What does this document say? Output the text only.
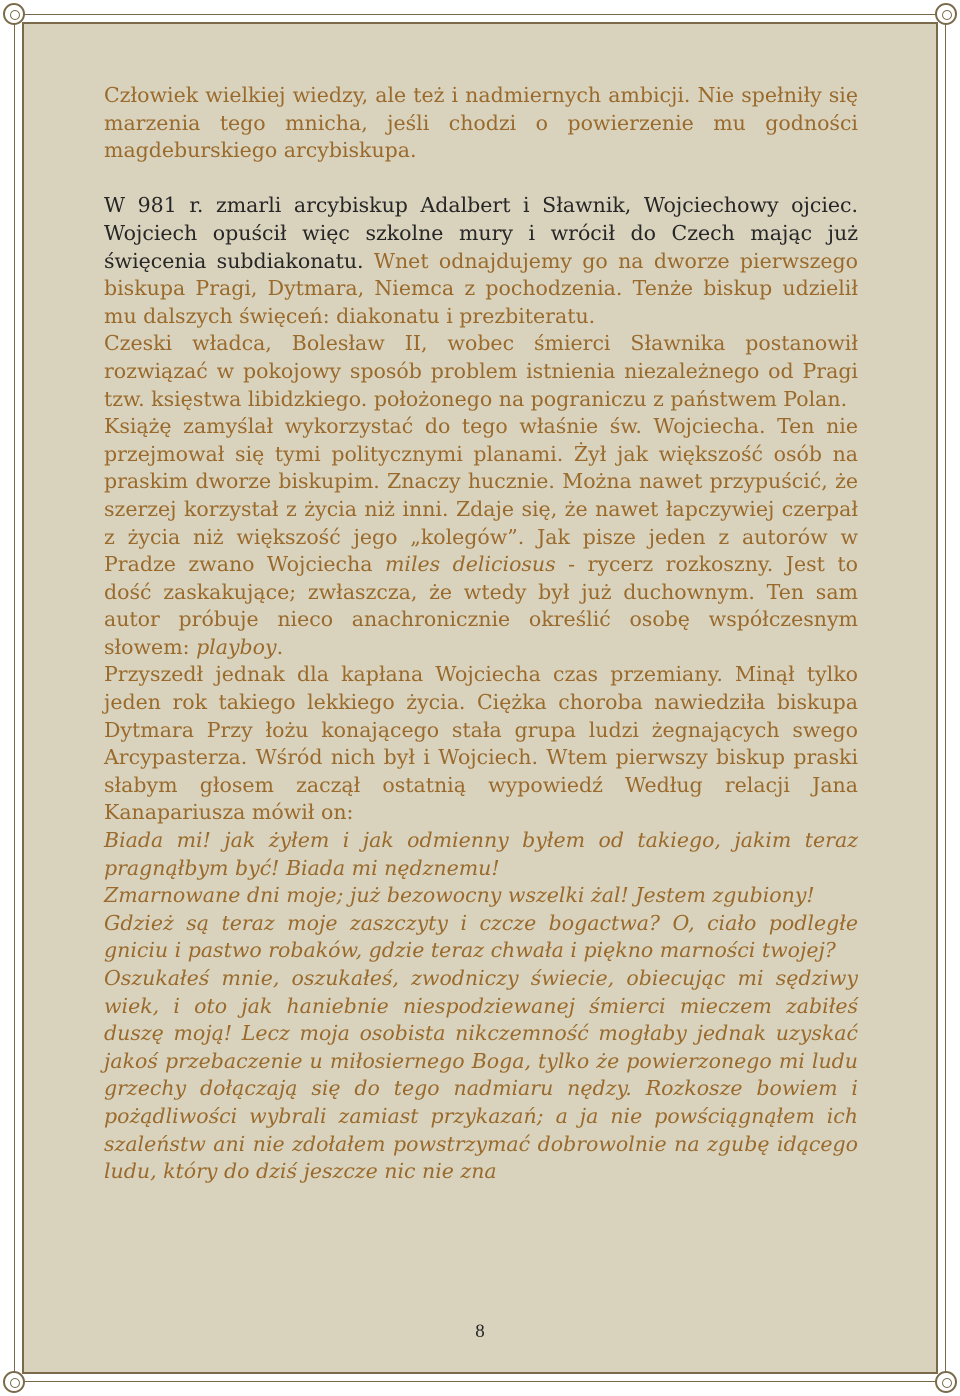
Człowiek wielkiej wiedzy, ale też i nadmiernych ambicji. Nie spełniły się marzenia tego mnicha, jeśli chodzi o powierzenie mu godności magdeburskiego arcybiskupa.

W 981 r. zmarli arcybiskup Adalbert i Sławnik, Wojciechowy ojciec. Wojciech opuścił więc szkolne mury i wrócił do Czech mając już święcenia subdiakonatu. Wnet odnajdujemy go na dworze pierwszego biskupa Pragi, Dytmara, Niemca z pochodzenia. Tenże biskup udzielił mu dalszych święceń: diakonatu i prezbiteratu.

Czeski władca, Bolesław II, wobec śmierci Sławnika postanowił rozwiązać w pokojowy sposób problem istnienia niezależnego od Pragi tzw. księstwa libidzkiego. położonego na pograniczu z państwem Polan.

Książę zamyślał wykorzystać do tego właśnie św. Wojciecha. Ten nie przejmował się tymi politycznymi planami. Żył jak większość osób na praskim dworze biskupim. Znaczy hucznie. Można nawet przypuścić, że szerzej korzystał z życia niż inni. Zdaje się, że nawet łapczywiej czerpał z życia niż większość jego „kolegów”. Jak pisze jeden z autorów w Pradze zwano Wojciecha miles deliciosus - rycerz rozkoszny. Jest to dość zaskakujące; zwłaszcza, że wtedy był już duchownym. Ten sam autor próbuje nieco anachronicznie określić osobę współczesnym słowem: playboy.

Przyszedł jednak dla kapłana Wojciecha czas przemiany. Minął tylko jeden rok takiego lekkiego życia. Ciężka choroba nawiedziła biskupa Dytmara Przy łożu konającego stała grupa ludzi żegnających swego Arcypasterza. Wśród nich był i Wojciech. Wtem pierwszy biskup praski słabym głosem zaczął ostatnią wypowiedź Według relacji Jana Kanapariusza mówił on:

Biada mi! jak żyłem i jak odmienny byłem od takiego, jakim teraz pragnąłbym być! Biada mi nędznemu!

Zmarnowane dni moje; już bezowocny wszelki żal! Jestem zgubiony!

Gdzież są teraz moje zaszczyty i czcze bogactwa? O, ciało podległe gniciu i pastwo robaków, gdzie teraz chwała i piękno marności twojej?

Oszukałeś mnie, oszukałeś, zwodniczy świecie, obiecując mi sędziwy wiek, i oto jak haniebnie niespodziewanej śmierci mieczem zabiłeś duszę moją! Lecz moja osobista nikczemność mogłaby jednak uzyskać jakoś przebaczenie u miłosiernego Boga, tylko że powierzonego mi ludu grzechy dołączają się do tego nadmiaru nędzy. Rozkosze bowiem i pożądliwości wybrali zamiast przykazań; a ja nie powściągnąłem ich szaleństw ani nie zdołałem powstrzymać dobrowolnie na zgubę idącego ludu, który do dziś jeszcze nic nie zna

8
